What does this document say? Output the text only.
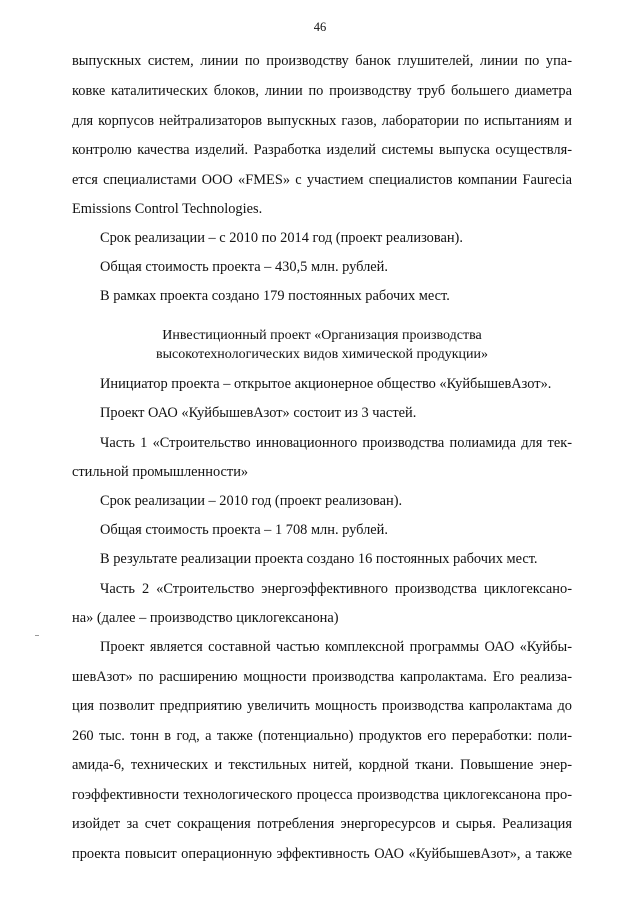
46
выпускных систем, линии по производству банок глушителей, линии по упа-
ковке каталитических блоков, линии по производству труб большего диаметра
для корпусов нейтрализаторов выпускных газов, лаборатории по испытаниям и
контролю качества изделий. Разработка изделий системы выпуска осуществля-
ется специалистами ООО «FMES» с участием специалистов компании Faurecia
Emissions Control Technologies.
Срок реализации – с 2010 по 2014 год (проект реализован).
Общая стоимость проекта – 430,5 млн. рублей.
В рамках проекта создано 179 постоянных рабочих мест.
Инвестиционный проект «Организация производства
высокотехнологических видов химической продукции»
Инициатор проекта – открытое акционерное общество «КуйбышевАзот».
Проект ОАО «КуйбышевАзот» состоит из 3 частей.
Часть 1 «Строительство инновационного производства полиамида для тек-
стильной промышленности»
Срок реализации – 2010 год (проект реализован).
Общая стоимость проекта – 1 708 млн. рублей.
В результате реализации проекта создано 16 постоянных рабочих мест.
Часть 2 «Строительство энергоэффективного производства циклогексано-
на» (далее – производство циклогексанона)
Проект является составной частью комплексной программы ОАО «Куйбы-
шевАзот» по расширению мощности производства капролактама. Его реализа-
ция позволит предприятию увеличить мощность производства капролактама до
260 тыс. тонн в год, а также (потенциально) продуктов его переработки: поли-
амида-6, технических и текстильных нитей, кордной ткани. Повышение энер-
гоэффективности технологического процесса производства циклогексанона про-
изойдет за счет сокращения потребления энергоресурсов и сырья. Реализация
проекта повысит операционную эффективность ОАО «КуйбышевАзот», а также
